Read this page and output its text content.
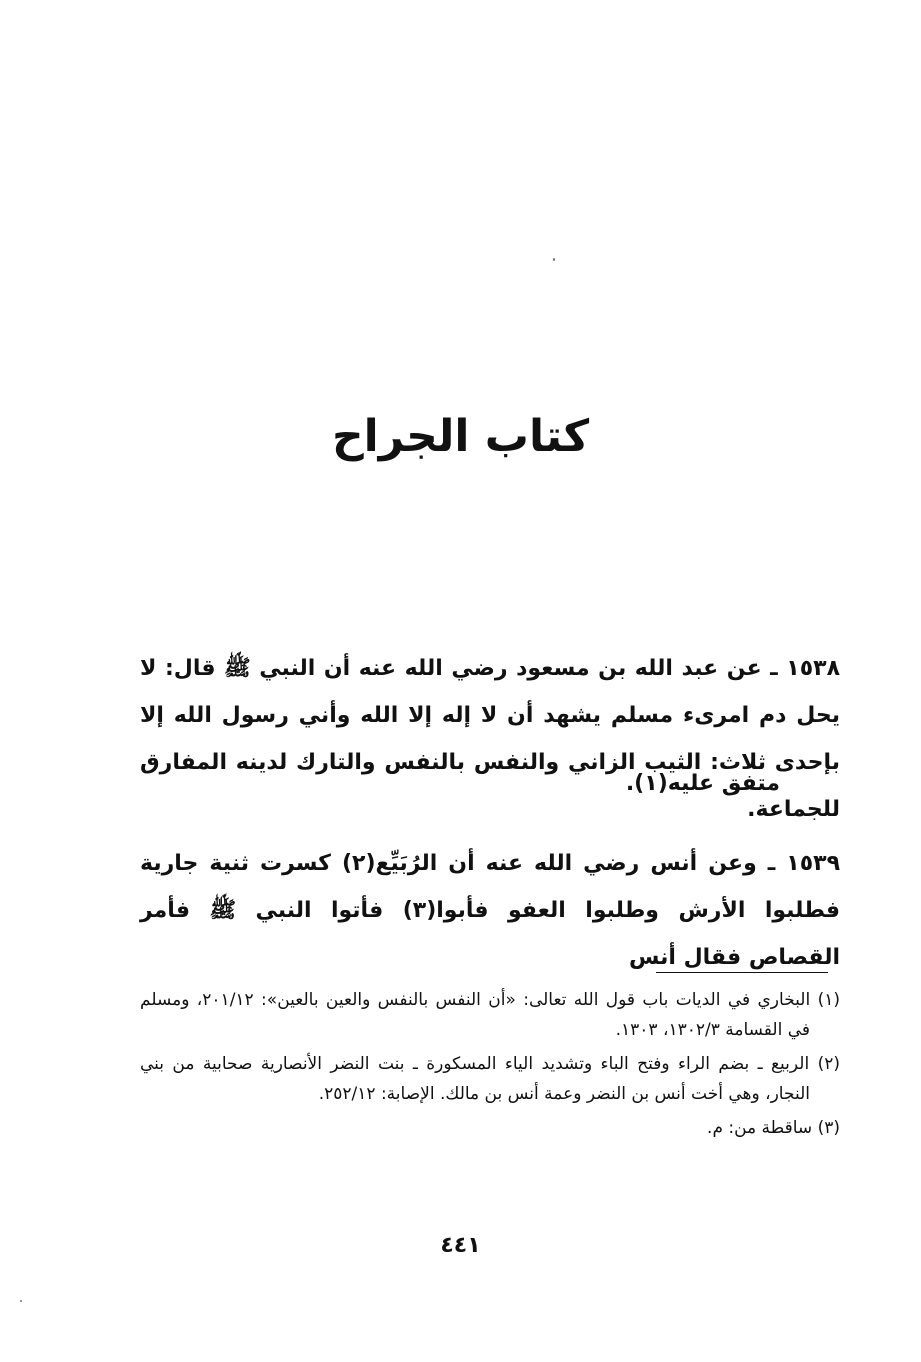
كتاب الجراح

١٥٣٨ ـ عن عبد الله بن مسعود رضي الله عنه أن النبي ﷺ قال: لا يحل دم امرىء مسلم يشهد أن لا إله إلا الله وأني رسول الله إلا بإحدى ثلاث: الثيب الزاني والنفس بالنفس والتارك لدينه المفارق للجماعة.

متفق عليه(١).

١٥٣٩ ـ وعن أنس رضي الله عنه أن الرُبَيِّع(٢) كسرت ثنية جارية فطلبوا الأرش وطلبوا العفو فأبوا(٣) فأتوا النبي ﷺ فأمر القصاص فقال أنس

(١) البخاري في الديات باب قول الله تعالى: «أن النفس بالنفس والعين بالعين»: ٢٠١/١٢، ومسلم في القسامة ١٣٠٢/٣، ١٣٠٣.

(٢) الربيع ـ بضم الراء وفتح الباء وتشديد الياء المسكورة ـ بنت النضر الأنصارية صحابية من بني النجار، وهي أخت أنس بن النضر وعمة أنس بن مالك. الإصابة: ٢٥٢/١٢.

(٣) ساقطة من: م.

٤٤١
